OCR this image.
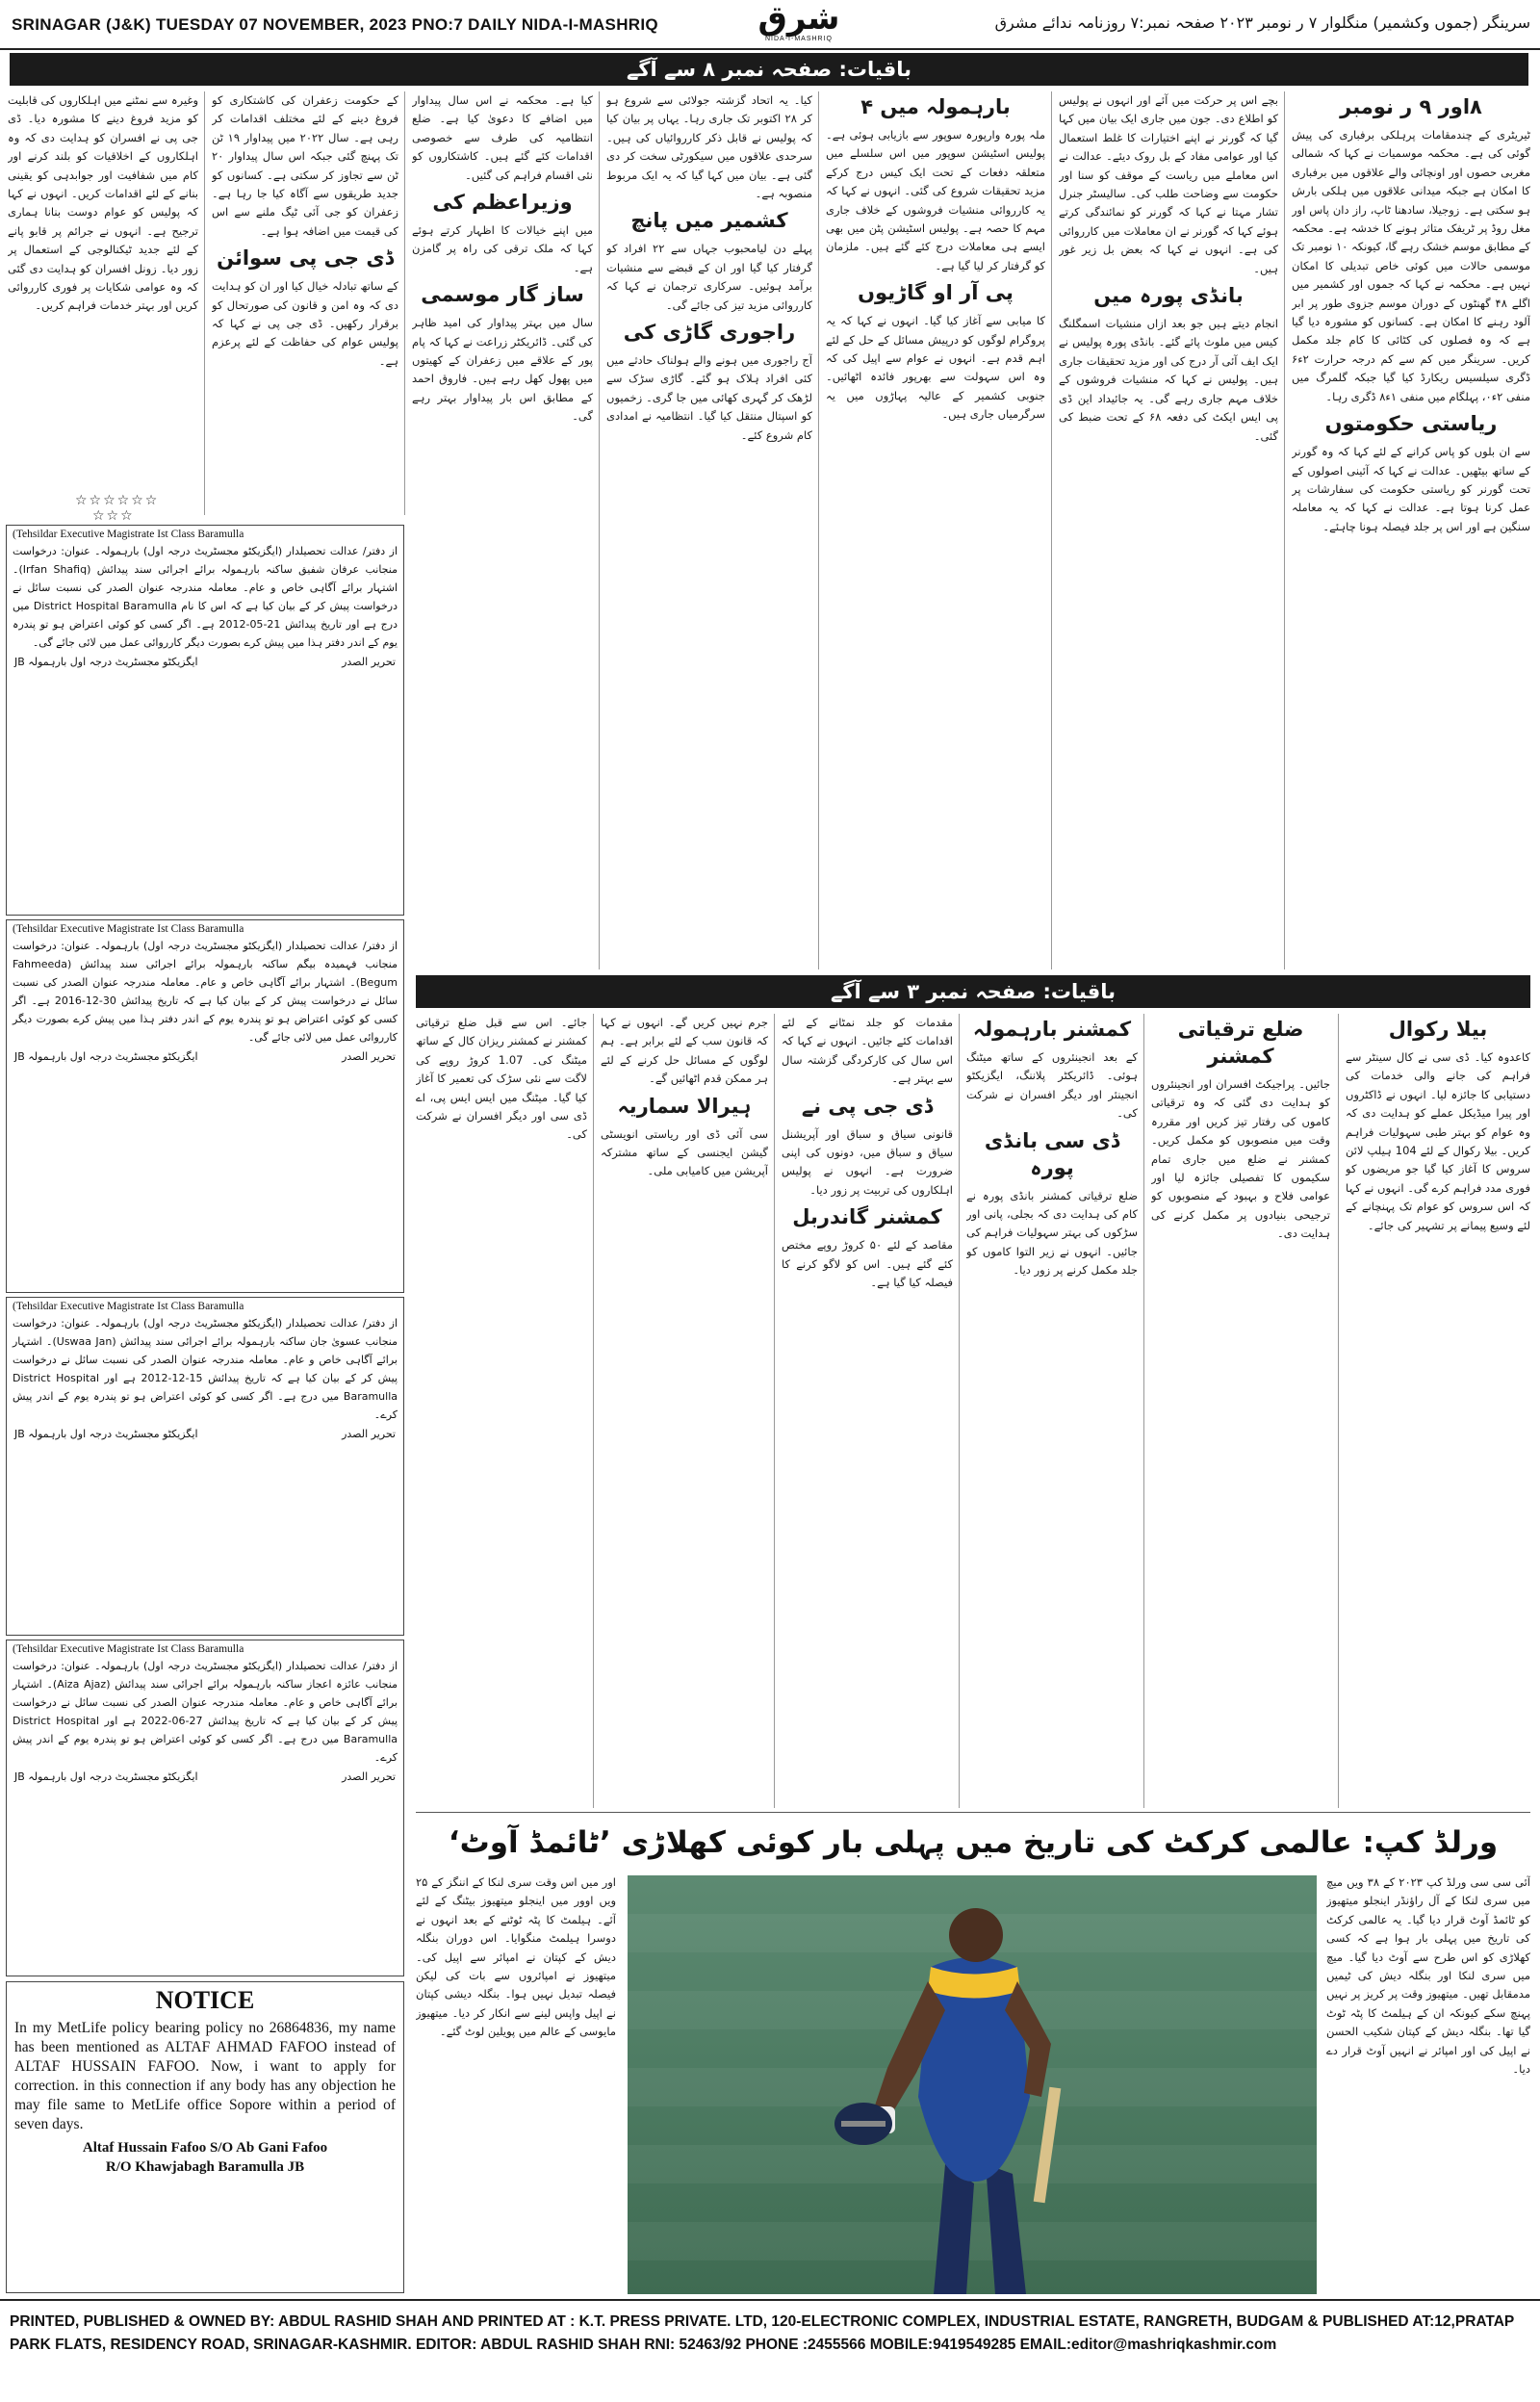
SRINAGAR (J&K) TUESDAY 07 NOVEMBER, 2023 PNO:7 DAILY NIDA-I-MASHRIQ	شرق
NIDA-I-MASHRIQ
سرینگر (جموں وکشمیر) منگلوار ۷ ر نومبر ۲۰۲۳ صفحہ نمبر:۷ روزنامہ ندائے مشرق
باقیات: صفحہ نمبر ۸ سے آگے
۸اور ۹ ر نومبر

ٹیریٹری کے چندمقامات پرہلکی برفباری کی پیش گوئی کی ہے۔ محکمہ موسمیات نے کہا کہ شمالی مغربی حصوں اور اونچائی والے علاقوں میں برفباری کا امکان ہے جبکہ میدانی علاقوں میں ہلکی بارش ہو سکتی ہے۔ زوجیلا، سادھنا ٹاپ، راز دان پاس اور مغل روڈ پر ٹریفک متاثر ہونے کا خدشہ ہے۔ محکمہ کے مطابق موسم خشک رہے گا، کیونکہ ۱۰ نومبر تک موسمی حالات میں کوئی خاص تبدیلی کا امکان نہیں ہے۔ محکمہ نے کہا کہ جموں اور کشمیر میں اگلے ۴۸ گھنٹوں کے دوران موسم جزوی طور پر ابر آلود رہنے کا امکان ہے۔ کسانوں کو مشورہ دیا گیا ہے کہ وہ فصلوں کی کٹائی کا کام جلد مکمل کریں۔ سرینگر میں کم سے کم درجہ حرارت ۲ء۶ ڈگری سیلسیس ریکارڈ کیا گیا جبکہ گلمرگ میں منفی ۲ء۰، پہلگام میں منفی ۱ء۸ ڈگری رہا۔

ریاستی حکومتوں

سے ان بلوں کو پاس کرانے کے لئے کہا کہ وہ گورنر کے ساتھ بیٹھیں۔ عدالت نے کہا کہ آئینی اصولوں کے تحت گورنر کو ریاستی حکومت کی سفارشات پر عمل کرنا ہوتا ہے۔ عدالت نے کہا کہ یہ معاملہ سنگین ہے اور اس پر جلد فیصلہ ہونا چاہئے۔

بچے اس پر حرکت میں آئے اور انہوں نے پولیس کو اطلاع دی۔ جون میں جاری ایک بیان میں کہا گیا کہ گورنر نے اپنے اختیارات کا غلط استعمال کیا اور عوامی مفاد کے بل روک دیئے۔ عدالت نے اس معاملے میں ریاست کے موقف کو سنا اور حکومت سے وضاحت طلب کی۔ سالیسٹر جنرل تشار مہتا نے کہا کہ گورنر کو نمائندگی کرتے ہوئے کہا کہ گورنر نے ان معاملات میں کارروائی کی ہے۔ انہوں نے کہا کہ بعض بل زیر غور ہیں۔

بانڈی پورہ میں

انجام دیتے ہیں جو بعد ازاں منشیات اسمگلنگ کیس میں ملوث پائے گئے۔ بانڈی پورہ پولیس نے ایک ایف آئی آر درج کی اور مزید تحقیقات جاری ہیں۔ پولیس نے کہا کہ منشیات فروشوں کے خلاف مہم جاری رہے گی۔ یہ جائیداد این ڈی پی ایس ایکٹ کی دفعہ ۶۸ کے تحت ضبط کی گئی۔

بارہمولہ میں ۴

ملہ پورہ وارپورہ سوپور سے بازیابی ہوئی ہے۔ پولیس اسٹیشن سوپور میں اس سلسلے میں متعلقہ دفعات کے تحت ایک کیس درج کرکے مزید تحقیقات شروع کی گئی۔ انہوں نے کہا کہ یہ کارروائی منشیات فروشوں کے خلاف جاری مہم کا حصہ ہے۔ پولیس اسٹیشن پٹن میں بھی ایسے ہی معاملات درج کئے گئے ہیں۔ ملزمان کو گرفتار کر لیا گیا ہے۔

پی آر او گاڑیوں

کا میابی سے آغاز کیا گیا۔ انہوں نے کہا کہ یہ پروگرام لوگوں کو درپیش مسائل کے حل کے لئے اہم قدم ہے۔ انہوں نے عوام سے اپیل کی کہ وہ اس سہولت سے بھرپور فائدہ اٹھائیں۔ جنوبی کشمیر کے عالیہ پہاڑوں میں یہ سرگرمیاں جاری ہیں۔

کیا۔ یہ اتحاد گزشتہ جولائی سے شروع ہو کر ۲۸ اکتوبر تک جاری رہا۔ یہاں پر بیان کیا کہ پولیس نے قابل ذکر کارروائیاں کی ہیں۔ سرحدی علاقوں میں سیکورٹی سخت کر دی گئی ہے۔ بیان میں کہا گیا کہ یہ ایک مربوط منصوبہ ہے۔

کشمیر میں پانچ

پہلے دن لیامحبوب جہاں سے ۲۲ افراد کو گرفتار کیا گیا اور ان کے قبضے سے منشیات برآمد ہوئیں۔ سرکاری ترجمان نے کہا کہ کارروائی مزید تیز کی جائے گی۔

راجوری گاڑی کی

آج راجوری میں ہونے والے ہولناک حادثے میں کئی افراد ہلاک ہو گئے۔ گاڑی سڑک سے لڑھک کر گہری کھائی میں جا گری۔ زخمیوں کو اسپتال منتقل کیا گیا۔ انتظامیہ نے امدادی کام شروع کئے۔

کیا ہے۔ محکمہ نے اس سال پیداوار میں اضافے کا دعویٰ کیا ہے۔ ضلع انتظامیہ کی طرف سے خصوصی اقدامات کئے گئے ہیں۔ کاشتکاروں کو نئی اقسام فراہم کی گئیں۔

وزیراعظم کی

میں اپنے خیالات کا اظہار کرتے ہوئے کہا کہ ملک ترقی کی راہ پر گامزن ہے۔

ساز گار موسمی

سال میں بہتر پیداوار کی امید ظاہر کی گئی۔ ڈائریکٹر زراعت نے کہا کہ پام پور کے علاقے میں زعفران کے کھیتوں میں پھول کھل رہے ہیں۔ فاروق احمد کے مطابق اس بار پیداوار بہتر رہے گی۔

کے حکومت زعفران کی کاشتکاری کو فروغ دینے کے لئے مختلف اقدامات کر رہی ہے۔ سال ۲۰۲۲ میں پیداوار ۱۹ ٹن تک پہنچ گئی جبکہ اس سال پیداوار ۲۰ ٹن سے تجاوز کر سکتی ہے۔ کسانوں کو جدید طریقوں سے آگاہ کیا جا رہا ہے۔ زعفران کو جی آئی ٹیگ ملنے سے اس کی قیمت میں اضافہ ہوا ہے۔

ڈی جی پی سوائن

کے ساتھ تبادلہ خیال کیا اور ان کو ہدایت دی کہ وہ امن و قانون کی صورتحال کو برقرار رکھیں۔ ڈی جی پی نے کہا کہ پولیس عوام کی حفاظت کے لئے پرعزم ہے۔

وغیرہ سے نمٹنے میں اہلکاروں کی قابلیت کو مزید فروغ دینے کا مشورہ دیا۔ ڈی جی پی نے افسران کو ہدایت دی کہ وہ اہلکاروں کے اخلاقیات کو بلند کرنے اور کام میں شفافیت اور جوابدہی کو یقینی بنانے کے لئے اقدامات کریں۔ انہوں نے کہا کہ پولیس کو عوام دوست بنانا ہماری ترجیح ہے۔ انہوں نے جرائم پر قابو پانے کے لئے جدید ٹیکنالوجی کے استعمال پر زور دیا۔ زونل افسران کو ہدایت دی گئی کہ وہ عوامی شکایات پر فوری کارروائی کریں اور بہتر خدمات فراہم کریں۔

☆☆☆☆☆☆
☆☆☆
(Tehsildar Executive Magistrate Ist Class Baramulla
از دفتر/ عدالت تحصیلدار (ایگزیکٹو مجسٹریٹ درجہ اول) بارہمولہ۔ عنوان: درخواست منجانب عرفان شفیق ساکنہ بارہمولہ برائے اجرائی سند پیدائش (Irfan Shafiq)۔ اشتہار برائے آگاہی خاص و عام۔ معاملہ مندرجہ عنوان الصدر کی نسبت سائل نے درخواست پیش کر کے بیان کیا ہے کہ اس کا نام District Hospital Baramulla میں درج ہے اور تاریخ پیدائش 21-05-2012 ہے۔ اگر کسی کو کوئی اعتراض ہو تو پندرہ یوم کے اندر دفتر ہذا میں پیش کرے بصورت دیگر کارروائی عمل میں لائی جائے گی۔
تحریر الصدر
ایگزیکٹو مجسٹریٹ درجہ اول بارہمولہ JB
(Tehsildar Executive Magistrate Ist Class Baramulla
از دفتر/ عدالت تحصیلدار (ایگزیکٹو مجسٹریٹ درجہ اول) بارہمولہ۔ عنوان: درخواست منجانب فہمیدہ بیگم ساکنہ بارہمولہ برائے اجرائی سند پیدائش (Fahmeeda Begum)۔ اشتہار برائے آگاہی خاص و عام۔ معاملہ مندرجہ عنوان الصدر کی نسبت سائل نے درخواست پیش کر کے بیان کیا ہے کہ تاریخ پیدائش 30-12-2016 ہے۔ اگر کسی کو کوئی اعتراض ہو تو پندرہ یوم کے اندر دفتر ہذا میں پیش کرے بصورت دیگر کارروائی عمل میں لائی جائے گی۔
تحریر الصدر
ایگزیکٹو مجسٹریٹ درجہ اول بارہمولہ JB
(Tehsildar Executive Magistrate Ist Class Baramulla
از دفتر/ عدالت تحصیلدار (ایگزیکٹو مجسٹریٹ درجہ اول) بارہمولہ۔ عنوان: درخواست منجانب عسویٰ جان ساکنہ بارہمولہ برائے اجرائی سند پیدائش (Uswaa Jan)۔ اشتہار برائے آگاہی خاص و عام۔ معاملہ مندرجہ عنوان الصدر کی نسبت سائل نے درخواست پیش کر کے بیان کیا ہے کہ تاریخ پیدائش 15-12-2012 ہے اور District Hospital Baramulla میں درج ہے۔ اگر کسی کو کوئی اعتراض ہو تو پندرہ یوم کے اندر پیش کرے۔
تحریر الصدر
ایگزیکٹو مجسٹریٹ درجہ اول بارہمولہ JB
(Tehsildar Executive Magistrate Ist Class Baramulla
از دفتر/ عدالت تحصیلدار (ایگزیکٹو مجسٹریٹ درجہ اول) بارہمولہ۔ عنوان: درخواست منجانب عائزہ اعجاز ساکنہ بارہمولہ برائے اجرائی سند پیدائش (Aiza Ajaz)۔ اشتہار برائے آگاہی خاص و عام۔ معاملہ مندرجہ عنوان الصدر کی نسبت سائل نے درخواست پیش کر کے بیان کیا ہے کہ تاریخ پیدائش 27-06-2022 ہے اور District Hospital Baramulla میں درج ہے۔ اگر کسی کو کوئی اعتراض ہو تو پندرہ یوم کے اندر پیش کرے۔
تحریر الصدر
ایگزیکٹو مجسٹریٹ درجہ اول بارہمولہ JB
NOTICE
In my MetLife policy bearing policy no 26864836, my name has been mentioned as ALTAF AHMAD FAFOO instead of ALTAF HUSSAIN FAFOO. Now, i want to apply for correction. in this connection if any body has any objection he may file same to MetLife office Sopore within a period of seven days.
Altaf Hussain Fafoo S/O Ab Gani Fafoo
R/O Khawjabagh Baramulla JB
باقیات: صفحہ نمبر ۳ سے آگے
بیلا رکوال

کاعدوہ کیا۔ ڈی سی نے کال سینٹر سے فراہم کی جانے والی خدمات کی دستیابی کا جائزہ لیا۔ انہوں نے ڈاکٹروں اور پیرا میڈیکل عملے کو ہدایت دی کہ وہ عوام کو بہتر طبی سہولیات فراہم کریں۔ بیلا رکوال کے لئے 104 ہیلپ لائن سروس کا آغاز کیا گیا جو مریضوں کو فوری مدد فراہم کرے گی۔ انہوں نے کہا کہ اس سروس کو عوام تک پہنچانے کے لئے وسیع پیمانے پر تشہیر کی جائے۔

ضلع ترقیاتی کمشنر

جائیں۔ پراجیکٹ افسران اور انجینئروں کو ہدایت دی گئی کہ وہ ترقیاتی کاموں کی رفتار تیز کریں اور مقررہ وقت میں منصوبوں کو مکمل کریں۔ کمشنر نے ضلع میں جاری تمام سکیموں کا تفصیلی جائزہ لیا اور عوامی فلاح و بہبود کے منصوبوں کو ترجیحی بنیادوں پر مکمل کرنے کی ہدایت دی۔

کمشنر بارہمولہ

کے بعد انجینئروں کے ساتھ میٹنگ ہوئی۔ ڈائریکٹر پلاننگ، ایگزیکٹو انجینئر اور دیگر افسران نے شرکت کی۔

ڈی سی بانڈی پورہ

ضلع ترقیاتی کمشنر بانڈی پورہ نے کام کی ہدایت دی کہ بجلی، پانی اور سڑکوں کی بہتر سہولیات فراہم کی جائیں۔ انہوں نے زیر التوا کاموں کو جلد مکمل کرنے پر زور دیا۔

مقدمات کو جلد نمٹانے کے لئے اقدامات کئے جائیں۔ انہوں نے کہا کہ اس سال کی کارکردگی گزشتہ سال سے بہتر ہے۔

ڈی جی پی نے

قانونی سیاق و سباق اور آپریشنل سیاق و سباق میں، دونوں کی اپنی ضرورت ہے۔ انہوں نے پولیس اہلکاروں کی تربیت پر زور دیا۔

کمشنر گاندربل

مقاصد کے لئے ۵۰ کروڑ روپے مختص کئے گئے ہیں۔ اس کو لاگو کرنے کا فیصلہ کیا گیا ہے۔

جرم نہیں کریں گے۔ انہوں نے کہا کہ قانون سب کے لئے برابر ہے۔ ہم لوگوں کے مسائل حل کرنے کے لئے ہر ممکن قدم اٹھائیں گے۔

ہیرالا سماریہ

سی آئی ڈی اور ریاستی انویسٹی گیشن ایجنسی کے ساتھ مشترکہ آپریشن میں کامیابی ملی۔

جائے۔ اس سے قبل ضلع ترقیاتی کمشنر نے کمشنر ریزان کال کے ساتھ میٹنگ کی۔ 1.07 کروڑ روپے کی لاگت سے نئی سڑک کی تعمیر کا آغاز کیا گیا۔ میٹنگ میں ایس ایس پی، اے ڈی سی اور دیگر افسران نے شرکت کی۔

ورلڈ کپ: عالمی کرکٹ کی تاریخ میں پہلی بار کوئی کھلاڑی ’ٹائمڈ آوٹ‘

آئی سی سی ورلڈ کپ ۲۰۲۳ کے ۳۸ ویں میچ میں سری لنکا کے آل راؤنڈر اینجلو میتھیوز کو ٹائمڈ آوٹ قرار دیا گیا۔ یہ عالمی کرکٹ کی تاریخ میں پہلی بار ہوا ہے کہ کسی کھلاڑی کو اس طرح سے آوٹ دیا گیا۔ میچ میں سری لنکا اور بنگلہ دیش کی ٹیمیں مدمقابل تھیں۔ میتھیوز وقت پر کریز پر نہیں پہنچ سکے کیونکہ ان کے ہیلمٹ کا پٹہ ٹوٹ گیا تھا۔ بنگلہ دیش کے کپتان شکیب الحسن نے اپیل کی اور امپائر نے انہیں آوٹ قرار دے دیا۔

اور میں اس وقت سری لنکا کے اننگز کے ۲۵ ویں اوور میں اینجلو میتھیوز بیٹنگ کے لئے آئے۔ ہیلمٹ کا پٹہ ٹوٹنے کے بعد انہوں نے دوسرا ہیلمٹ منگوایا۔ اس دوران بنگلہ دیش کے کپتان نے امپائر سے اپیل کی۔ میتھیوز نے امپائروں سے بات کی لیکن فیصلہ تبدیل نہیں ہوا۔ بنگلہ دیشی کپتان نے اپیل واپس لینے سے انکار کر دیا۔ میتھیوز مایوسی کے عالم میں پویلین لوٹ گئے۔

PRINTED, PUBLISHED & OWNED BY: ABDUL RASHID SHAH AND PRINTED AT : K.T. PRESS PRIVATE. LTD, 120-ELECTRONIC COMPLEX, INDUSTRIAL ESTATE, RANGRETH, BUDGAM & PUBLISHED AT:12,PRATAP PARK FLATS, RESIDENCY ROAD, SRINAGAR-KASHMIR. EDITOR: ABDUL RASHID SHAH RNI: 52463/92 PHONE :2455566 MOBILE:9419549285 EMAIL:editor@mashriqkashmir.com
